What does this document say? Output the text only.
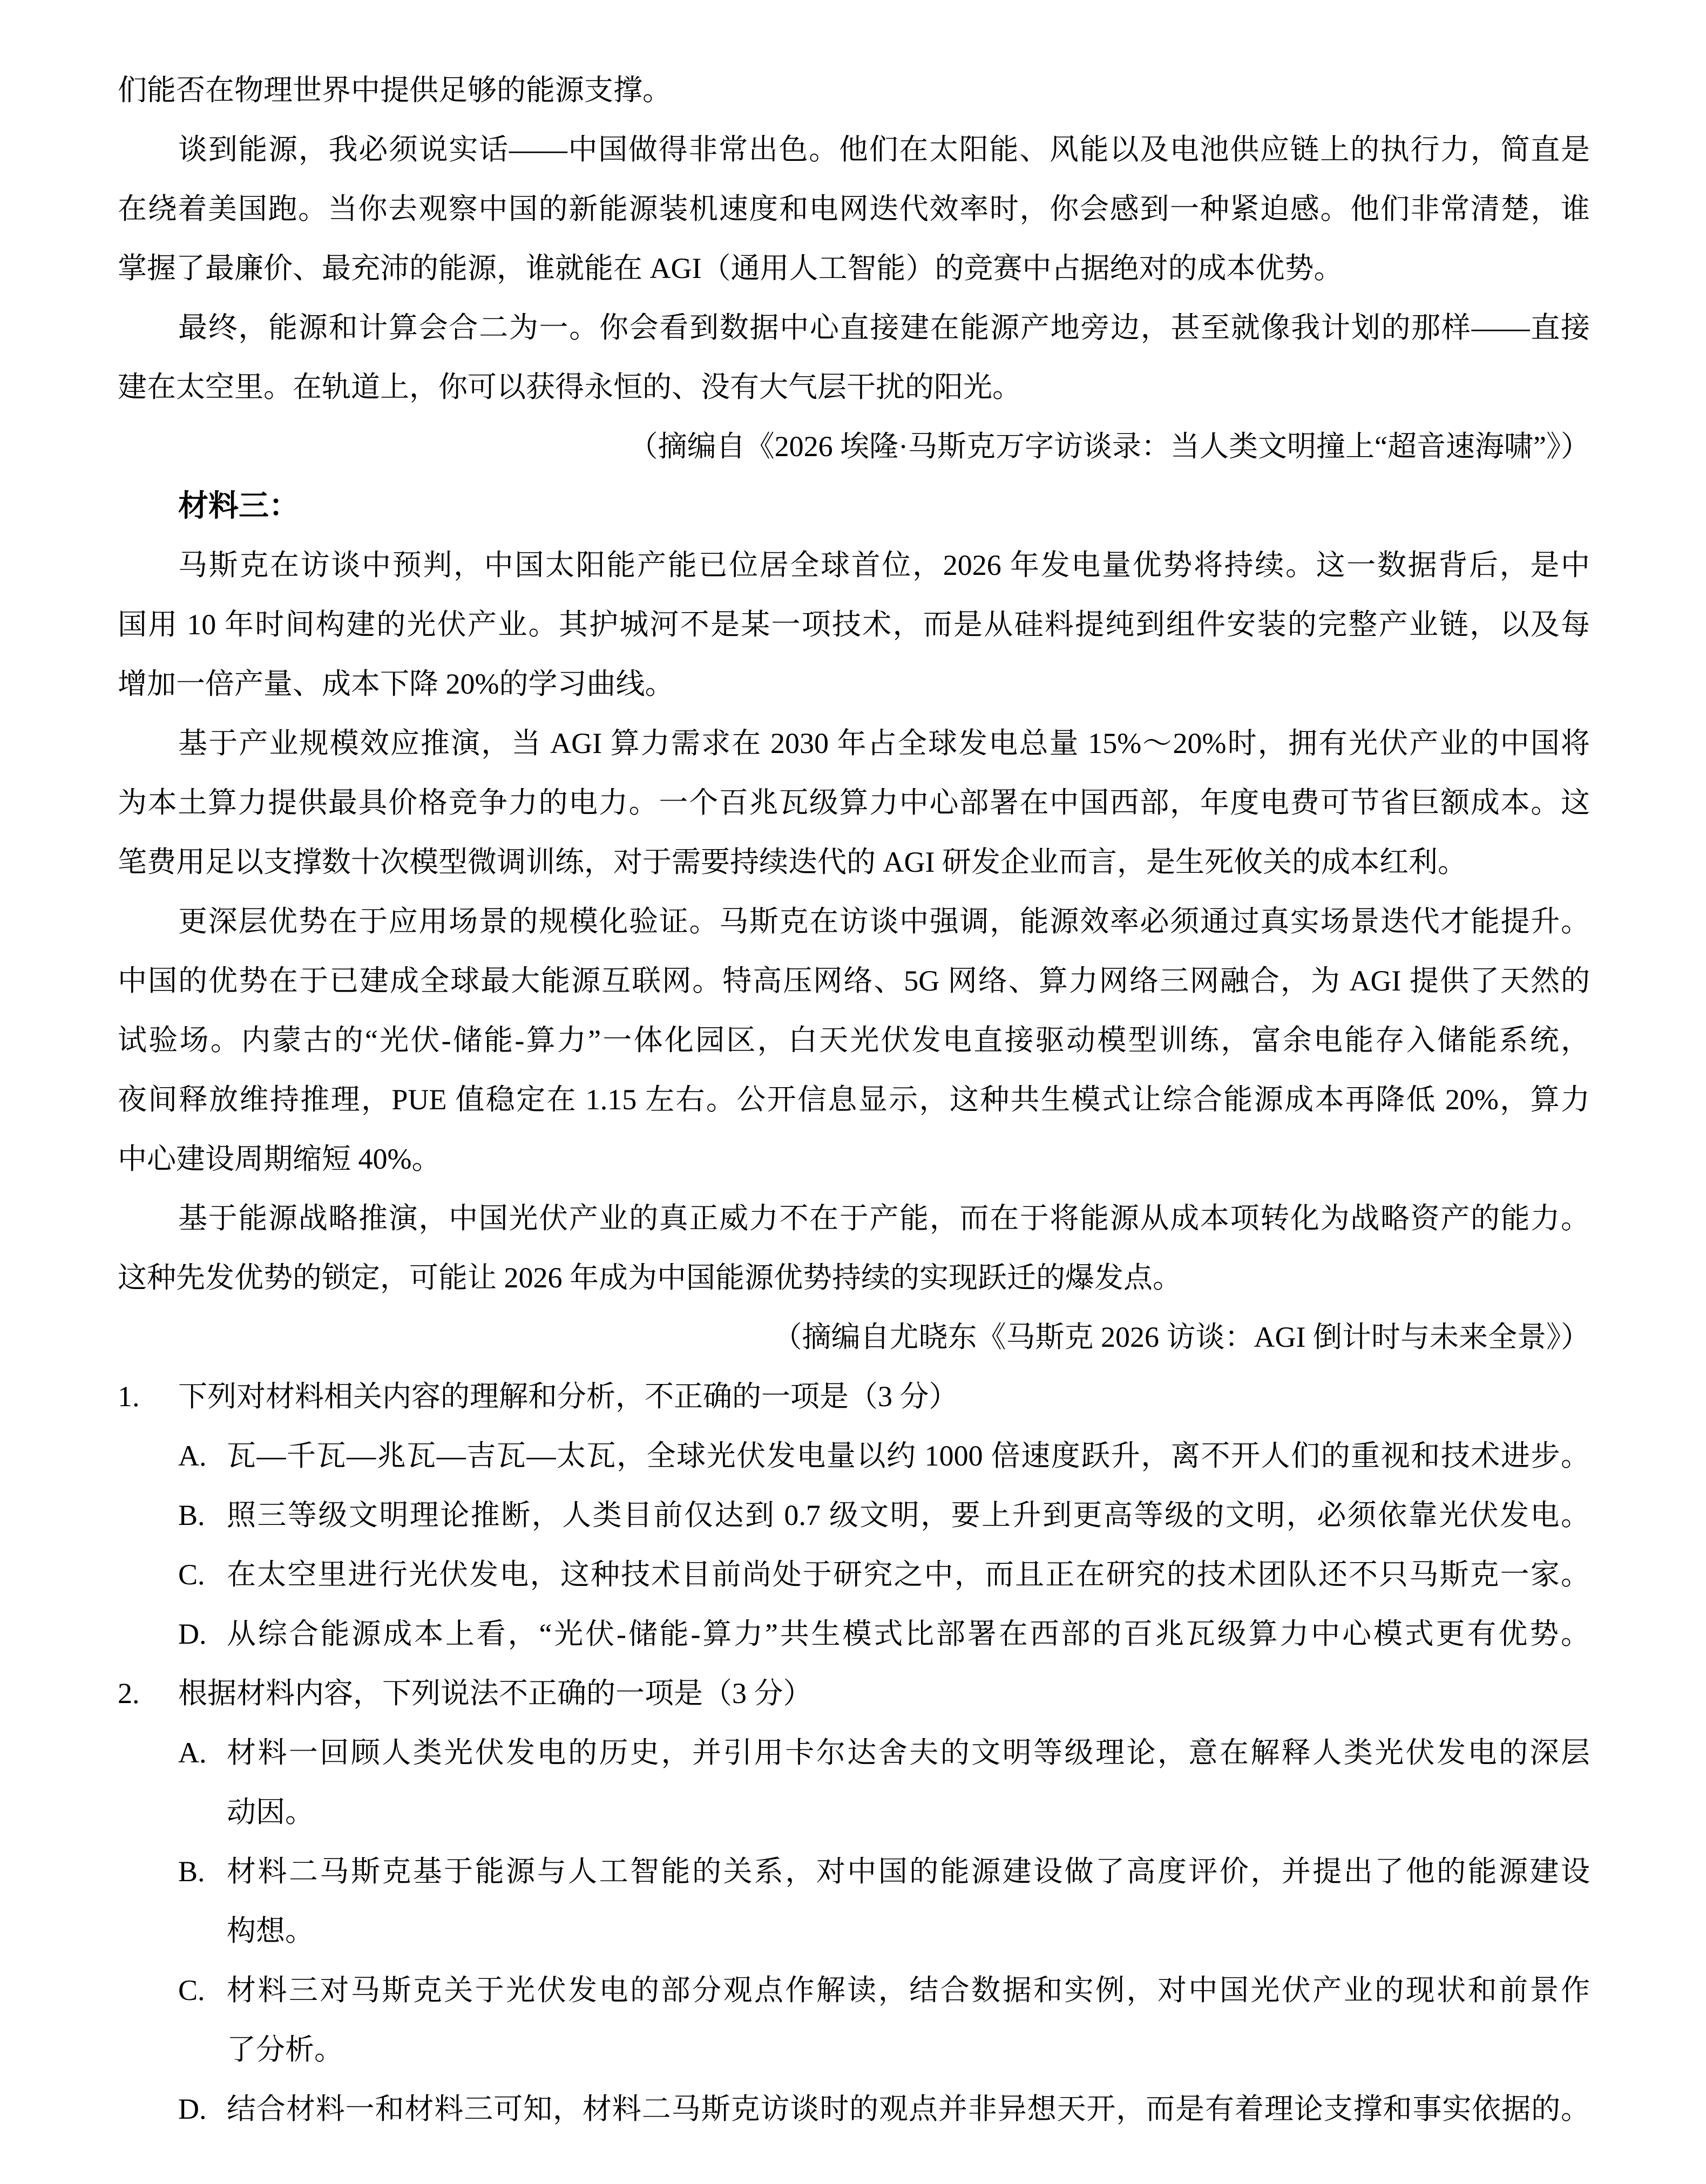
们能否在物理世界中提供足够的能源支撑。
谈到能源，我必须说实话——中国做得非常出色。他们在太阳能、风能以及电池供应链上的执行力，简直是
在绕着美国跑。当你去观察中国的新能源装机速度和电网迭代效率时，你会感到一种紧迫感。他们非常清楚，谁
掌握了最廉价、最充沛的能源，谁就能在 AGI（通用人工智能）的竞赛中占据绝对的成本优势。
最终，能源和计算会合二为一。你会看到数据中心直接建在能源产地旁边，甚至就像我计划的那样——直接
建在太空里。在轨道上，你可以获得永恒的、没有大气层干扰的阳光。
（摘编自《2026 埃隆·马斯克万字访谈录：当人类文明撞上“超音速海啸”》）
材料三：
马斯克在访谈中预判，中国太阳能产能已位居全球首位，2026 年发电量优势将持续。这一数据背后，是中
国用 10 年时间构建的光伏产业。其护城河不是某一项技术，而是从硅料提纯到组件安装的完整产业链，以及每
增加一倍产量、成本下降 20%的学习曲线。
基于产业规模效应推演，当 AGI 算力需求在 2030 年占全球发电总量 15%～20%时，拥有光伏产业的中国将
为本土算力提供最具价格竞争力的电力。一个百兆瓦级算力中心部署在中国西部，年度电费可节省巨额成本。这
笔费用足以支撑数十次模型微调训练，对于需要持续迭代的 AGI 研发企业而言，是生死攸关的成本红利。
更深层优势在于应用场景的规模化验证。马斯克在访谈中强调，能源效率必须通过真实场景迭代才能提升。
中国的优势在于已建成全球最大能源互联网。特高压网络、5G 网络、算力网络三网融合，为 AGI 提供了天然的
试验场。内蒙古的“光伏-储能-算力”一体化园区，白天光伏发电直接驱动模型训练，富余电能存入储能系统，
夜间释放维持推理，PUE 值稳定在 1.15 左右。公开信息显示，这种共生模式让综合能源成本再降低 20%，算力
中心建设周期缩短 40%。
基于能源战略推演，中国光伏产业的真正威力不在于产能，而在于将能源从成本项转化为战略资产的能力。
这种先发优势的锁定，可能让 2026 年成为中国能源优势持续的实现跃迁的爆发点。
（摘编自尤晓东《马斯克 2026 访谈：AGI 倒计时与未来全景》）
1.	下列对材料相关内容的理解和分析，不正确的一项是（3 分）
A. 瓦—千瓦—兆瓦—吉瓦—太瓦，全球光伏发电量以约 1000 倍速度跃升，离不开人们的重视和技术进步。
B. 照三等级文明理论推断，人类目前仅达到 0.7 级文明，要上升到更高等级的文明，必须依靠光伏发电。
C. 在太空里进行光伏发电，这种技术目前尚处于研究之中，而且正在研究的技术团队还不只马斯克一家。
D. 从综合能源成本上看，“光伏-储能-算力”共生模式比部署在西部的百兆瓦级算力中心模式更有优势。
2.	根据材料内容，下列说法不正确的一项是（3 分）
A. 材料一回顾人类光伏发电的历史，并引用卡尔达舍夫的文明等级理论，意在解释人类光伏发电的深层
动因。
B. 材料二马斯克基于能源与人工智能的关系，对中国的能源建设做了高度评价，并提出了他的能源建设
构想。
C. 材料三对马斯克关于光伏发电的部分观点作解读，结合数据和实例，对中国光伏产业的现状和前景作
了分析。
D. 结合材料一和材料三可知，材料二马斯克访谈时的观点并非异想天开，而是有着理论支撑和事实依据的。
